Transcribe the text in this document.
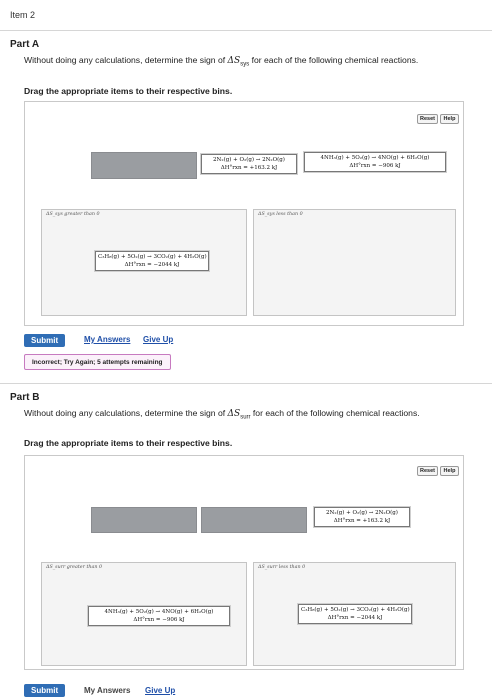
Item 2
Part A
Without doing any calculations, determine the sign of $\Delta S_{sys}$ for each of the following chemical reactions.
Drag the appropriate items to their respective bins.
Reset	Help
2N₂(g) + O₂(g) → 2N₂O(g)
ΔH°rxn = +163.2 kJ
4NH₃(g) + 5O₂(g) → 4NO(g) + 6H₂O(g)
ΔH°rxn = −906 kJ
ΔS_sys greater than 0
C₃H₈(g) + 5O₂(g) → 3CO₂(g) + 4H₂O(g)
ΔH°rxn = −2044 kJ
ΔS_sys less than 0
Submit	My Answers Give Up
Incorrect; Try Again; 5 attempts remaining
Part B
Without doing any calculations, determine the sign of $\Delta S_{surr}$ for each of the following chemical reactions.
Drag the appropriate items to their respective bins.
Reset	Help
2N₂(g) + O₂(g) → 2N₂O(g)
ΔH°rxn = +163.2 kJ
ΔS_surr greater than 0
4NH₃(g) + 5O₂(g) → 4NO(g) + 6H₂O(g)
ΔH°rxn = −906 kJ
ΔS_surr less than 0
C₃H₈(g) + 5O₂(g) → 3CO₂(g) + 4H₂O(g)
ΔH°rxn = −2044 kJ
Submit	My Answers Give Up
